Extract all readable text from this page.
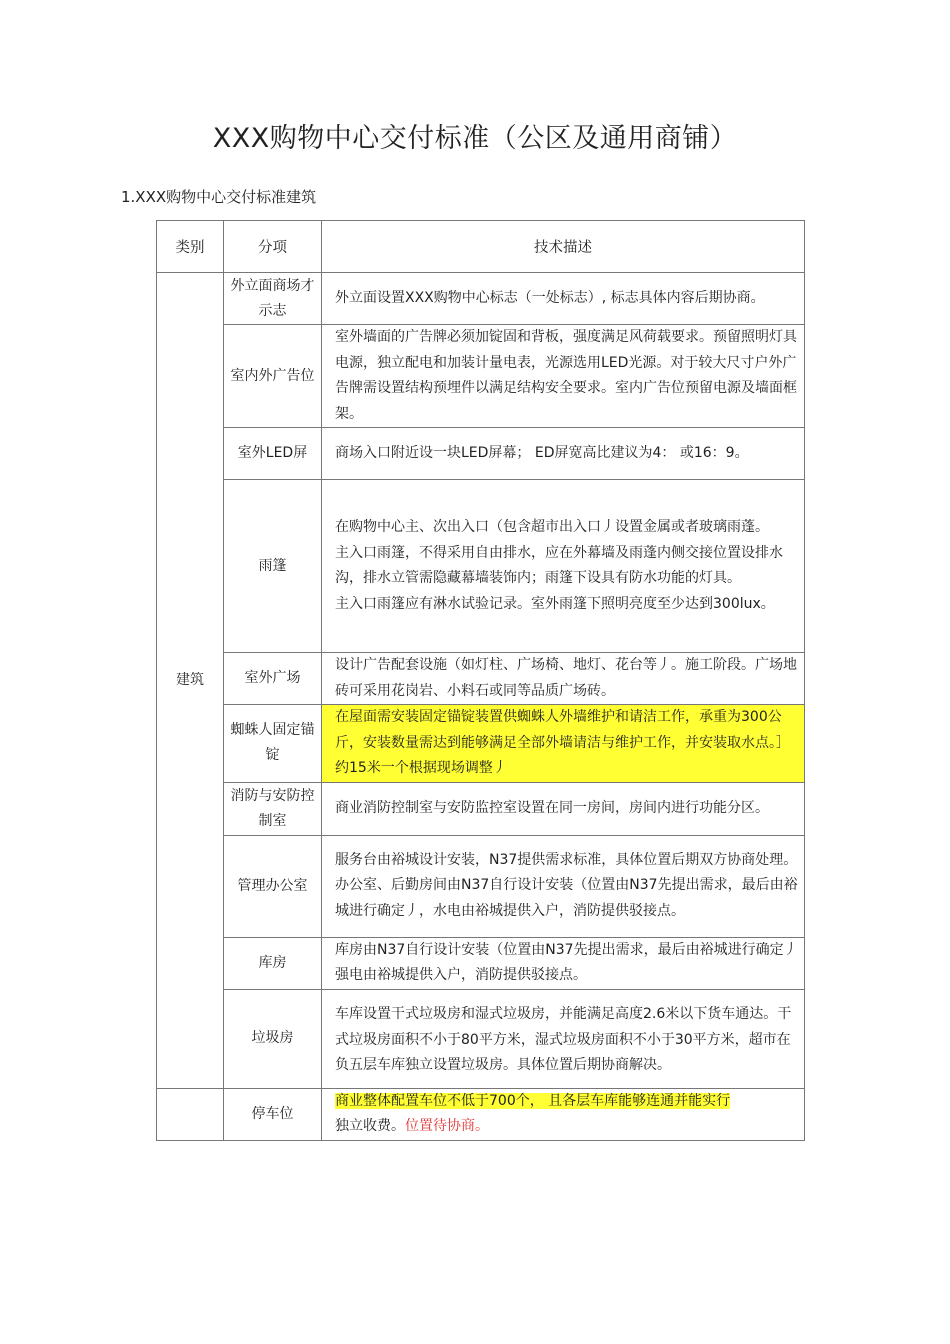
XXX购物中心交付标准（公区及通用商铺）
1.XXX购物中心交付标准建筑
类别	分项	技术描述
建筑	外立面商场才示志	外立面设置XXX购物中心标志（一处标志）, 标志具体内容后期协商。

	室内外广告位	室外墙面的广告牌必须加锭固和背板，强度满足风荷载要求。预留照明灯具电源，独立配电和加装计量电表，光源选用LED光源。对于较大尺寸户外广告牌需设置结构预埋件以满足结构安全要求。室内广告位预留电源及墙面框架。

	室外LED屏	商场入口附近设一块LED屏幕； ED屏宽高比建议为4： 或16：9。

	雨篷	在购物中心主、次出入口（包含超市出入口丿设置金属或者玻璃雨蓬。

主入口雨篷，不得采用自由排水，应在外幕墙及雨蓬内侧交接位置设排水沟，排水立管需隐藏幕墙装饰内；雨篷下设具有防水功能的灯具。

主入口雨篷应有淋水试验记录。室外雨篷下照明亮度至少达到300lux。

	室外广场	设计广告配套设施（如灯柱、广场椅、地灯、花台等丿。施工阶段。广场地砖可采用花岗岩、小料石或同等品质广场砖。

	蜘蛛人固定锚锭	在屋面需安装固定锚锭装置供蜘蛛人外墙维护和请洁工作，承重为300公斤，安装数量需达到能够满足全部外墙请洁与维护工作，并安装取水点。］约15米一个根据现场调整丿

	消防与安防控制室	商业消防控制室与安防监控室设置在同一房间，房间内进行功能分区。

	管理办公室	服务台由裕城设计安装，N37提供需求标准，具体位置后期双方协商处理。办公室、后勤房间由N37自行设计安装（位置由N37先提出需求，最后由裕城进行确定丿，水电由裕城提供入户，消防提供驳接点。

	库房	库房由N37自行设计安装（位置由N37先提出需求，最后由裕城进行确定丿强电由裕城提供入户，消防提供驳接点。

	垃圾房	车库设置干式垃圾房和湿式垃圾房，并能满足高度2.6米以下货车通达。干式垃圾房面积不小于80平方米，湿式垃圾房面积不小于30平方米，超市在负五层车库独立设置垃圾房。具体位置后期协商解决。

	停车位	商业整体配置车位不低于700个， 且各层车库能够连通并能实行

独立收费。位置待协商。
